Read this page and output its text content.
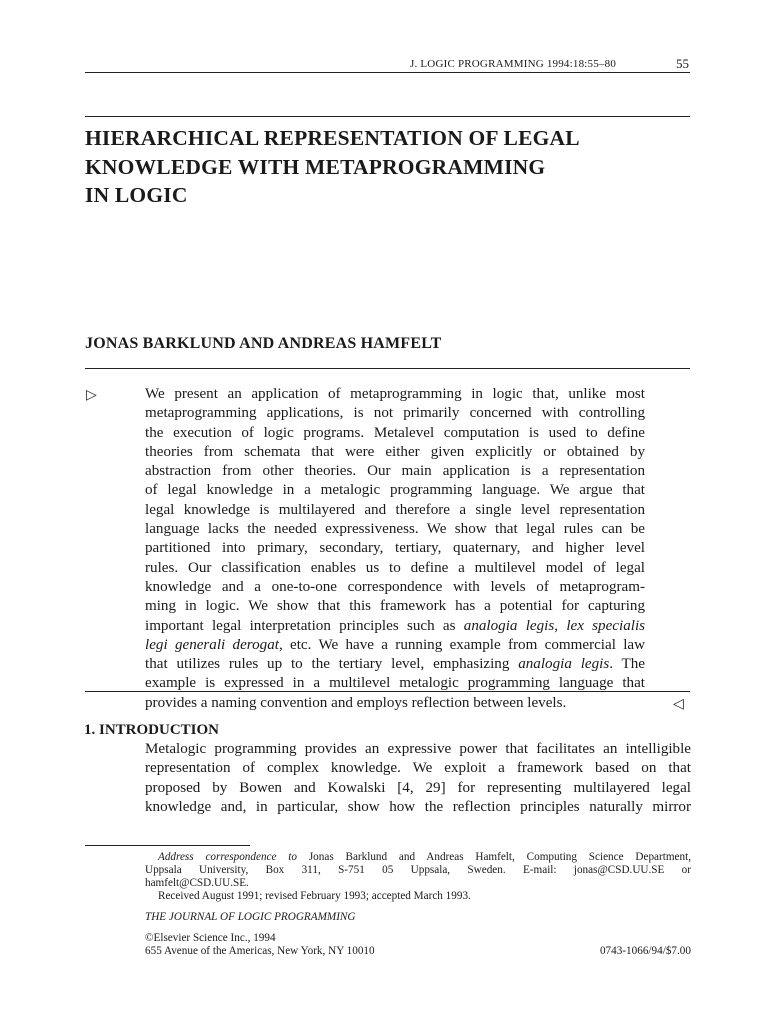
J. LOGIC PROGRAMMING 1994:18:55–80	55
HIERARCHICAL REPRESENTATION OF LEGAL
KNOWLEDGE WITH METAPROGRAMMING
IN LOGIC
JONAS BARKLUND AND ANDREAS HAMFELT
▷	We present an application of metaprogramming in logic that, unlike most
metaprogramming applications, is not primarily concerned with controlling
the execution of logic programs. Metalevel computation is used to define
theories from schemata that were either given explicitly or obtained by
abstraction from other theories. Our main application is a representation
of legal knowledge in a metalogic programming language. We argue that
legal knowledge is multilayered and therefore a single level representation
language lacks the needed expressiveness. We show that legal rules can be
partitioned into primary, secondary, tertiary, quaternary, and higher level
rules. Our classification enables us to define a multilevel model of legal
knowledge and a one-to-one correspondence with levels of metaprogram-
ming in logic. We show that this framework has a potential for capturing
important legal interpretation principles such as analogia legis, lex specialis
legi generali derogat, etc. We have a running example from commercial law
that utilizes rules up to the tertiary level, emphasizing analogia legis. The
example is expressed in a multilevel metalogic programming language that
provides a naming convention and employs reflection between levels.	◁
1. INTRODUCTION
Metalogic programming provides an expressive power that facilitates an intelligible
representation of complex knowledge. We exploit a framework based on that
proposed by Bowen and Kowalski [4, 29] for representing multilayered legal
knowledge and, in particular, show how the reflection principles naturally mirror
Address correspondence to Jonas Barklund and Andreas Hamfelt, Computing Science Department,
Uppsala University, Box 311, S-751 05 Uppsala, Sweden. E-mail: jonas@CSD.UU.SE or
hamfelt@CSD.UU.SE.
Received August 1991; revised February 1993; accepted March 1993.
THE JOURNAL OF LOGIC PROGRAMMING
©Elsevier Science Inc., 1994
655 Avenue of the Americas, New York, NY 10010	0743-1066/94/$7.00
